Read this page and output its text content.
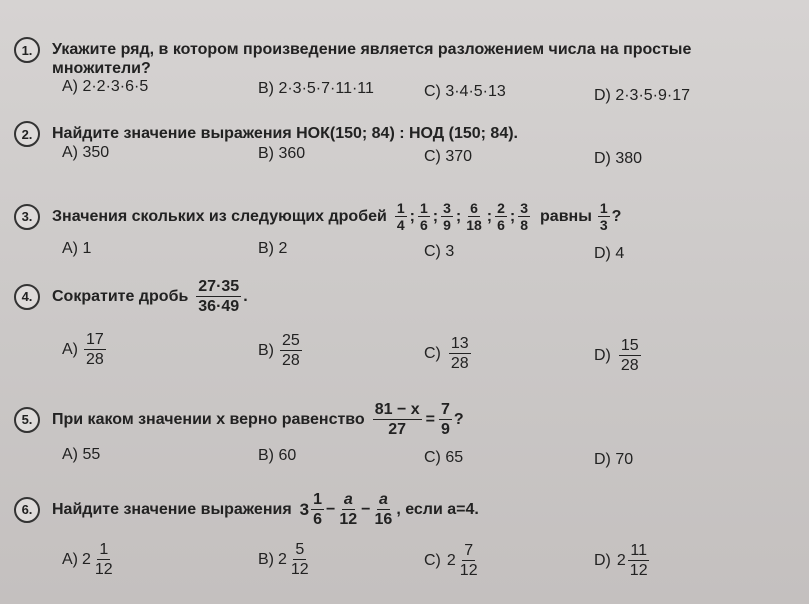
1.	Укажите ряд, в котором произведение является разложением числа на простые
множители?
A) 2·2·3·6·5	B) 2·3·5·7·11·11	C) 3·4·5·13	D) 2·3·5·9·17
2.	Найдите значение выражения НОК(150; 84) : НОД (150; 84).
A) 350	B) 360	C) 370	D) 380
3.	Значения скольких из следующих дробей $\frac{1}{4}$ ; $\frac{1}{6}$ ; $\frac{3}{9}$ ; $\frac{6}{18}$ ; $\frac{2}{6}$ ; $\frac{3}{8}$ равны $\frac{1}{3}$ ?
A) 1	B) 2	C) 3	D) 4
4.	Сократите дробь $\frac{27\cdot 35}{36\cdot 49}$ .
$A) \frac{17}{28}$	$B) \frac{25}{28}$	$C) \frac{13}{28}$	$D) \frac{15}{28}$
5.	При каком значении x верно равенство $\frac{81 - x}{27} = \frac{7}{9}$ ?
A) 55	B) 60	C) 65	D) 70
6.	Найдите значение выражения $3 \frac{1}{6} - \frac{a}{12} - \frac{a}{16}$ , если a=4.
A) $2 \frac{1}{12}$	B) $2 \frac{5}{12}$	C) $2 \frac{7}{12}$	D) $2 \frac{11}{12}$
